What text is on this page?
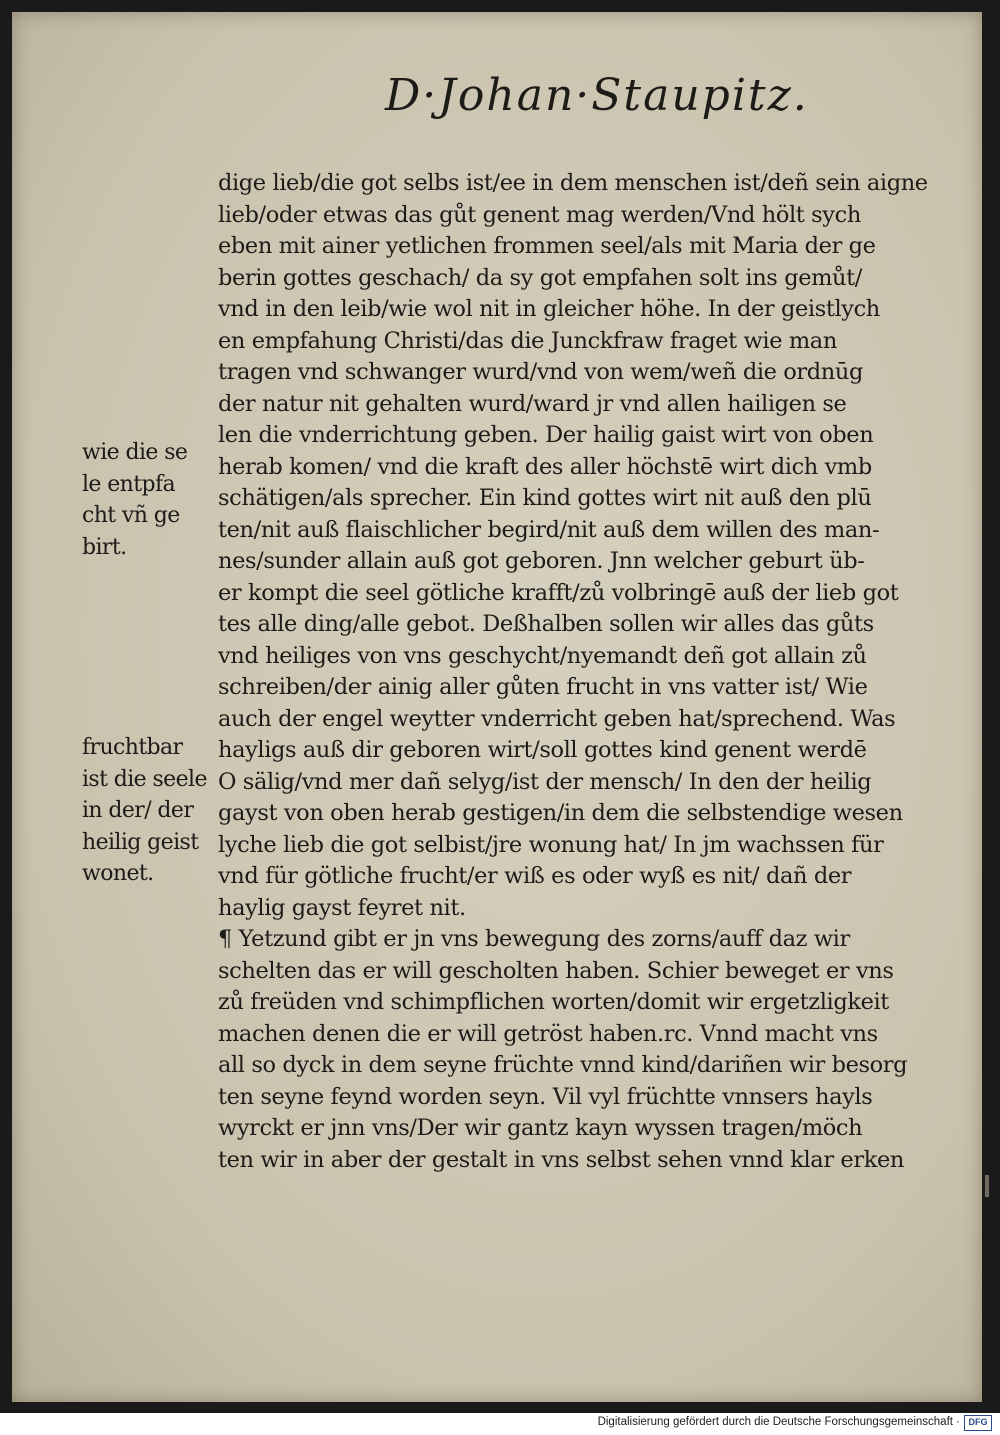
D·Johan·Staupitz.
dige lieb/die got selbs ist/ee in dem menschen ist/deñ sein aigne
lieb/oder etwas das gůt genent mag werden/Vnd hölt sych
eben mit ainer yetlichen frommen seel/als mit Maria der ge
berin gottes geschach/ da sy got empfahen solt ins gemůt/
vnd in den leib/wie wol nit in gleicher höhe. In der geistlych
en empfahung Christi/das die Junckfraw fraget wie man
tragen vnd schwanger wurd/vnd von wem/weñ die ordnūg
der natur nit gehalten wurd/ward jr vnd allen hailigen se
len die vnderrichtung geben. Der hailig gaist wirt von oben
herab komen/ vnd die kraft des aller höchstē wirt dich vmb
schätigen/als sprecher. Ein kind gottes wirt nit auß den plū
ten/nit auß flaischlicher begird/nit auß dem willen des man-
nes/sunder allain auß got geboren. Jnn welcher geburt üb-
er kompt die seel götliche krafft/zů volbringē auß der lieb got
tes alle ding/alle gebot. Deßhalben sollen wir alles das gůts
vnd heiliges von vns geschycht/nyemandt deñ got allain zů
schreiben/der ainig aller gůten frucht in vns vatter ist/ Wie
auch der engel weytter vnderricht geben hat/sprechend. Was
hayligs auß dir geboren wirt/soll gottes kind genent werdē
O sälig/vnd mer dañ selyg/ist der mensch/ In den der heilig
gayst von oben herab gestigen/in dem die selbstendige wesen
lyche lieb die got selbist/jre wonung hat/ In jm wachssen für
vnd für götliche frucht/er wiß es oder wyß es nit/ dañ der
haylig gayst feyret nit.
¶ Yetzund gibt er jn vns bewegung des zorns/auff daz wir
schelten das er will gescholten haben. Schier beweget er vns
zů freüden vnd schimpflichen worten/domit wir ergetzligkeit
machen denen die er will getröst haben.rc. Vnnd macht vns
all so dyck in dem seyne früchte vnnd kind/dariñen wir besorg
ten seyne feynd worden seyn. Vil vyl früchtte vnnsers hayls
wyrckt er jnn vns/Der wir gantz kayn wyssen tragen/möch
ten wir in aber der gestalt in vns selbst sehen vnnd klar erken
wie die se
le entpfa
cht vñ ge
birt.
fruchtbar
ist die seele
in der/ der
heilig geist
wonet.
Digitalisierung gefördert durch die Deutsche Forschungsgemeinschaft · DFG
